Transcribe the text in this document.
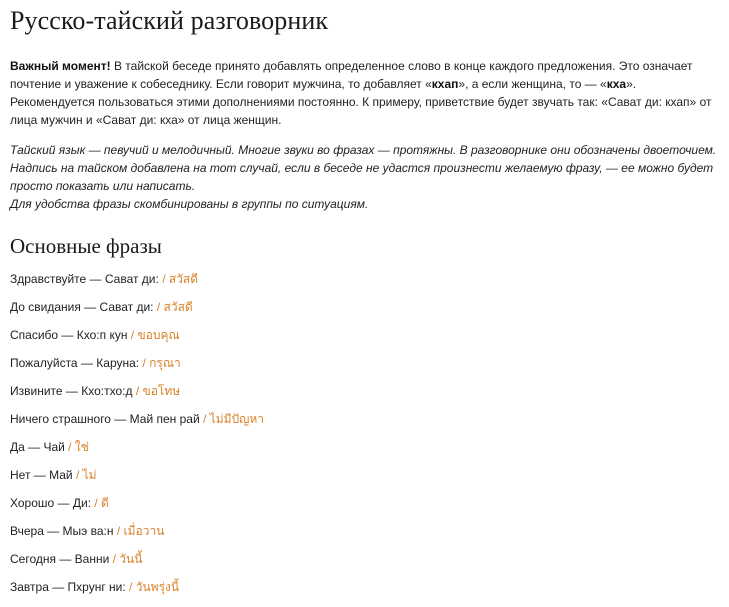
Русско-тайский разговорник

Важный момент! В тайской беседе принято добавлять определенное слово в конце каждого предложения. Это означает почтение и уважение к собеседнику. Если говорит мужчина, то добавляет «кхап», а если женщина, то — «кха». Рекомендуется пользоваться этими дополнениями постоянно. К примеру, приветствие будет звучать так: «Сават ди: кхап» от лица мужчин и «Сават ди: кха» от лица женщин.

Тайский язык — певучий и мелодичный. Многие звуки во фразах — протяжны. В разговорнике они обозначены двоеточием. Надпись на тайском добавлена на тот случай, если в беседе не удастся произнести желаемую фразу, — ее можно будет просто показать или написать.
Для удобства фразы скомбинированы в группы по ситуациям.

Основные фразы
Здравствуйте — Сават ди: / สวัสดี
До свидания — Сават ди: / สวัสดี
Спасибо — Кхо:п кун / ขอบคุณ
Пожалуйста — Каруна: / กรุณา
Извините — Кхо:тхо:д / ขอโทษ
Ничего страшного — Май пен рай / ไม่มีปัญหา
Да — Чай / ใช่
Нет — Май / ไม่
Хорошо — Ди: / ดี
Вчера — Мыэ ва:н / เมื่อวาน
Сегодня — Ванни / วันนี้
Завтра — Пхрунг ни: / วันพรุ่งนี้
